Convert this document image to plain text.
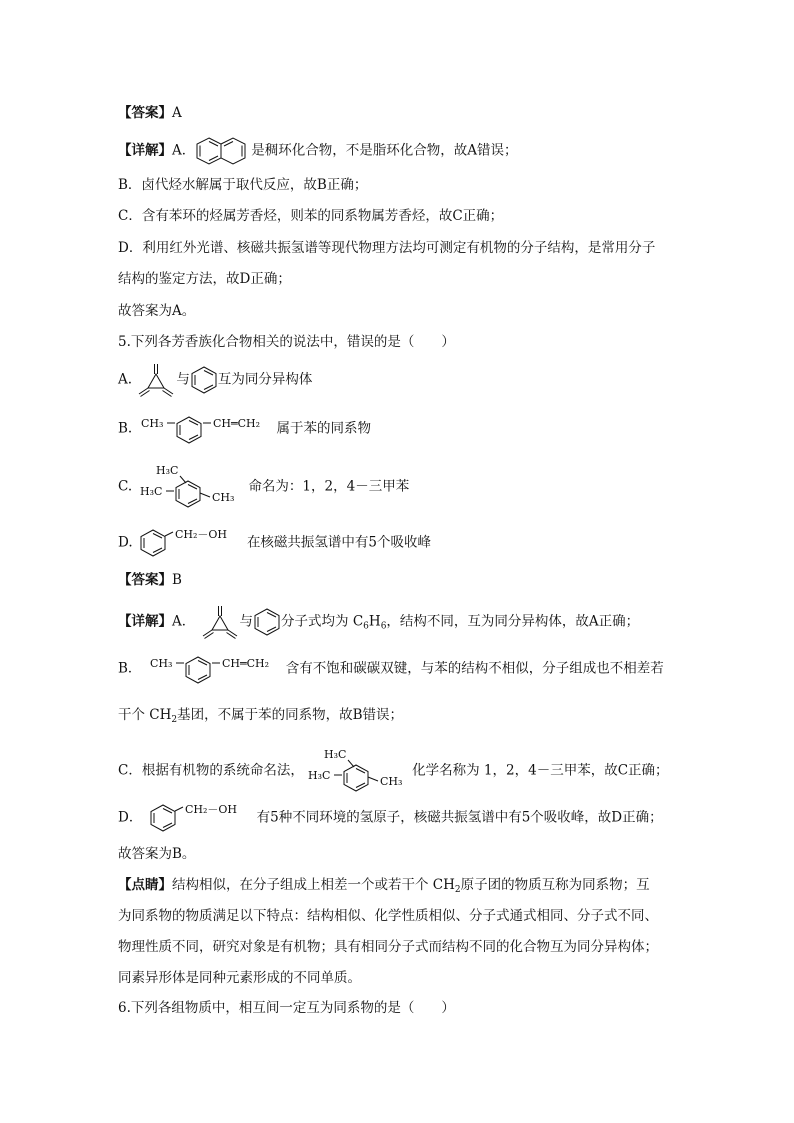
【答案】A
【详解】A．	是稠环化合物，不是脂环化合物，故A错误；
B．卤代烃水解属于取代反应，故B正确；
C．含有苯环的烃属芳香烃，则苯的同系物属芳香烃，故C正确；
D．利用红外光谱、核磁共振氢谱等现代物理方法均可测定有机物的分子结构，是常用分子
结构的鉴定方法，故D正确；
故答案为A。
5.下列各芳香族化合物相关的说法中，错误的是（　　）
A.	与 互为同分异构体
B. CH₃	CH═CH₂ 属于苯的同系物
C.
H₃C
H₃C	CH₃
命名为：1，2，4－三甲苯
D.	CH₂－OH 在核磁共振氢谱中有5个吸收峰
【答案】B
【详解】A．	与 分子式均为 $C_6H_6$，结构不同，互为同分异构体，故A正确；
B． CH₃	CH═CH₂ 含有不饱和碳碳双键，与苯的结构不相似，分子组成也不相差若
干个 $CH_2$基团，不属于苯的同系物，故B错误；
C．根据有机物的系统命名法，
H₃C
H₃C	CH₃
化学名称为 1，2，4－三甲苯，故C正确；
D．	CH₂－OH 有5种不同环境的氢原子，核磁共振氢谱中有5个吸收峰，故D正确；
故答案为B。
【点睛】结构相似，在分子组成上相差一个或若干个 $CH_2$原子团的物质互称为同系物；互
为同系物的物质满足以下特点：结构相似、化学性质相似、分子式通式相同、分子式不同、
物理性质不同，研究对象是有机物；具有相同分子式而结构不同的化合物互为同分异构体；
同素异形体是同种元素形成的不同单质。
6.下列各组物质中，相互间一定互为同系物的是（　　）
